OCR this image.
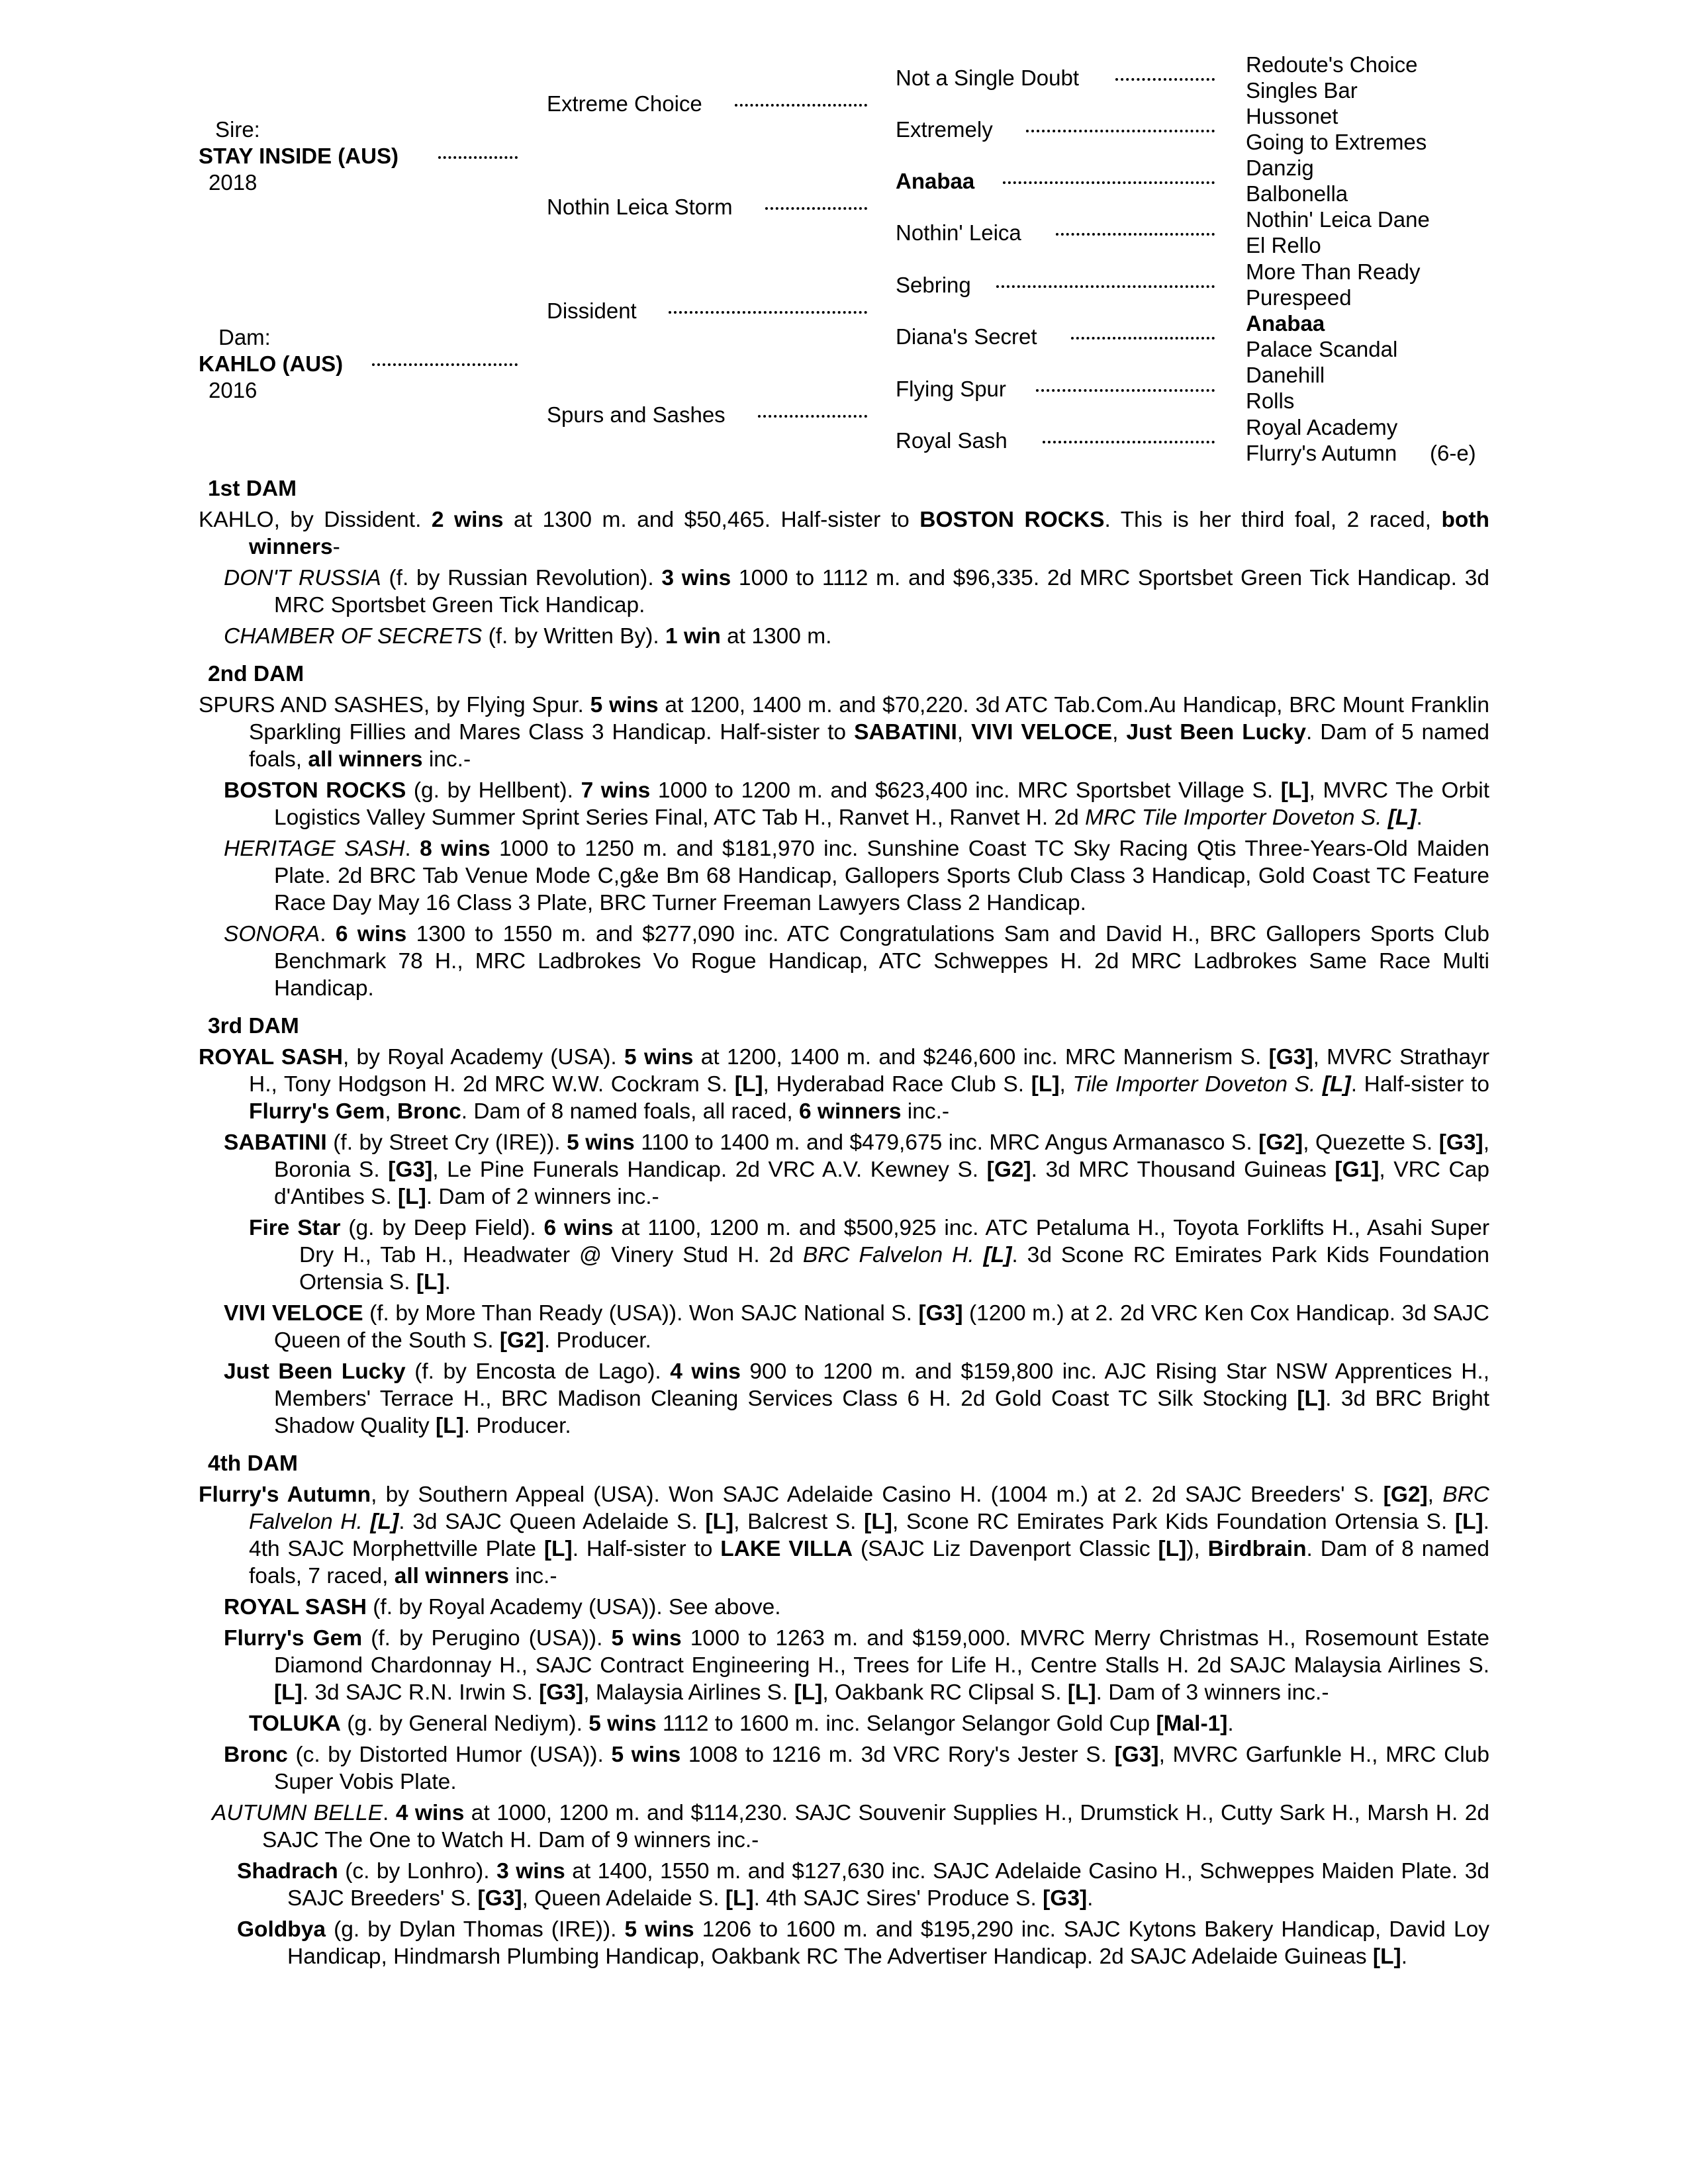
Sire:
STAY INSIDE (AUS)
2018
Dam:
KAHLO (AUS)
2016
Extreme Choice
Nothin Leica Storm
Dissident
Spurs and Sashes
Not a Single Doubt
Extremely
Anabaa
Nothin' Leica
Sebring
Diana's Secret
Flying Spur
Royal Sash
Redoute's Choice
Singles Bar
Hussonet
Going to Extremes
Danzig
Balbonella
Nothin' Leica Dane
El Rello
More Than Ready
Purespeed
Anabaa
Palace Scandal
Danehill
Rolls
Royal Academy
Flurry's Autumn (6-e)
1st DAM
KAHLO, by Dissident. 2 wins at 1300 m. and $50,465. Half-sister to BOSTON ROCKS. This is her third foal, 2 raced, both winners-
DON'T RUSSIA (f. by Russian Revolution). 3 wins 1000 to 1112 m. and $96,335. 2d MRC Sportsbet Green Tick Handicap. 3d MRC Sportsbet Green Tick Handicap.
CHAMBER OF SECRETS (f. by Written By). 1 win at 1300 m.
2nd DAM
SPURS AND SASHES, by Flying Spur. 5 wins at 1200, 1400 m. and $70,220. 3d ATC Tab.Com.Au Handicap, BRC Mount Franklin Sparkling Fillies and Mares Class 3 Handicap. Half-sister to SABATINI, VIVI VELOCE, Just Been Lucky. Dam of 5 named foals, all winners inc.-
BOSTON ROCKS (g. by Hellbent). 7 wins 1000 to 1200 m. and $623,400 inc. MRC Sportsbet Village S. [L], MVRC The Orbit Logistics Valley Summer Sprint Series Final, ATC Tab H., Ranvet H., Ranvet H. 2d MRC Tile Importer Doveton S. [L].
HERITAGE SASH. 8 wins 1000 to 1250 m. and $181,970 inc. Sunshine Coast TC Sky Racing Qtis Three-Years-Old Maiden Plate. 2d BRC Tab Venue Mode C,g&e Bm 68 Handicap, Gallopers Sports Club Class 3 Handicap, Gold Coast TC Feature Race Day May 16 Class 3 Plate, BRC Turner Freeman Lawyers Class 2 Handicap.
SONORA. 6 wins 1300 to 1550 m. and $277,090 inc. ATC Congratulations Sam and David H., BRC Gallopers Sports Club Benchmark 78 H., MRC Ladbrokes Vo Rogue Handicap, ATC Schweppes H. 2d MRC Ladbrokes Same Race Multi Handicap.
3rd DAM
ROYAL SASH, by Royal Academy (USA). 5 wins at 1200, 1400 m. and $246,600 inc. MRC Mannerism S. [G3], MVRC Strathayr H., Tony Hodgson H. 2d MRC W.W. Cockram S. [L], Hyderabad Race Club S. [L], Tile Importer Doveton S. [L]. Half-sister to Flurry's Gem, Bronc. Dam of 8 named foals, all raced, 6 winners inc.-
SABATINI (f. by Street Cry (IRE)). 5 wins 1100 to 1400 m. and $479,675 inc. MRC Angus Armanasco S. [G2], Quezette S. [G3], Boronia S. [G3], Le Pine Funerals Handicap. 2d VRC A.V. Kewney S. [G2]. 3d MRC Thousand Guineas [G1], VRC Cap d'Antibes S. [L]. Dam of 2 winners inc.-
Fire Star (g. by Deep Field). 6 wins at 1100, 1200 m. and $500,925 inc. ATC Petaluma H., Toyota Forklifts H., Asahi Super Dry H., Tab H., Headwater @ Vinery Stud H. 2d BRC Falvelon H. [L]. 3d Scone RC Emirates Park Kids Foundation Ortensia S. [L].
VIVI VELOCE (f. by More Than Ready (USA)). Won SAJC National S. [G3] (1200 m.) at 2. 2d VRC Ken Cox Handicap. 3d SAJC Queen of the South S. [G2]. Producer.
Just Been Lucky (f. by Encosta de Lago). 4 wins 900 to 1200 m. and $159,800 inc. AJC Rising Star NSW Apprentices H., Members' Terrace H., BRC Madison Cleaning Services Class 6 H. 2d Gold Coast TC Silk Stocking [L]. 3d BRC Bright Shadow Quality [L]. Producer.
4th DAM
Flurry's Autumn, by Southern Appeal (USA). Won SAJC Adelaide Casino H. (1004 m.) at 2. 2d SAJC Breeders' S. [G2], BRC Falvelon H. [L]. 3d SAJC Queen Adelaide S. [L], Balcrest S. [L], Scone RC Emirates Park Kids Foundation Ortensia S. [L]. 4th SAJC Morphettville Plate [L]. Half-sister to LAKE VILLA (SAJC Liz Davenport Classic [L]), Birdbrain. Dam of 8 named foals, 7 raced, all winners inc.-
ROYAL SASH (f. by Royal Academy (USA)). See above.
Flurry's Gem (f. by Perugino (USA)). 5 wins 1000 to 1263 m. and $159,000. MVRC Merry Christmas H., Rosemount Estate Diamond Chardonnay H., SAJC Contract Engineering H., Trees for Life H., Centre Stalls H. 2d SAJC Malaysia Airlines S. [L]. 3d SAJC R.N. Irwin S. [G3], Malaysia Airlines S. [L], Oakbank RC Clipsal S. [L]. Dam of 3 winners inc.-
TOLUKA (g. by General Nediym). 5 wins 1112 to 1600 m. inc. Selangor Selangor Gold Cup [Mal-1].
Bronc (c. by Distorted Humor (USA)). 5 wins 1008 to 1216 m. 3d VRC Rory's Jester S. [G3], MVRC Garfunkle H., MRC Club Super Vobis Plate.
AUTUMN BELLE. 4 wins at 1000, 1200 m. and $114,230. SAJC Souvenir Supplies H., Drumstick H., Cutty Sark H., Marsh H. 2d SAJC The One to Watch H. Dam of 9 winners inc.-
Shadrach (c. by Lonhro). 3 wins at 1400, 1550 m. and $127,630 inc. SAJC Adelaide Casino H., Schweppes Maiden Plate. 3d SAJC Breeders' S. [G3], Queen Adelaide S. [L]. 4th SAJC Sires' Produce S. [G3].
Goldbya (g. by Dylan Thomas (IRE)). 5 wins 1206 to 1600 m. and $195,290 inc. SAJC Kytons Bakery Handicap, David Loy Handicap, Hindmarsh Plumbing Handicap, Oakbank RC The Advertiser Handicap. 2d SAJC Adelaide Guineas [L].
